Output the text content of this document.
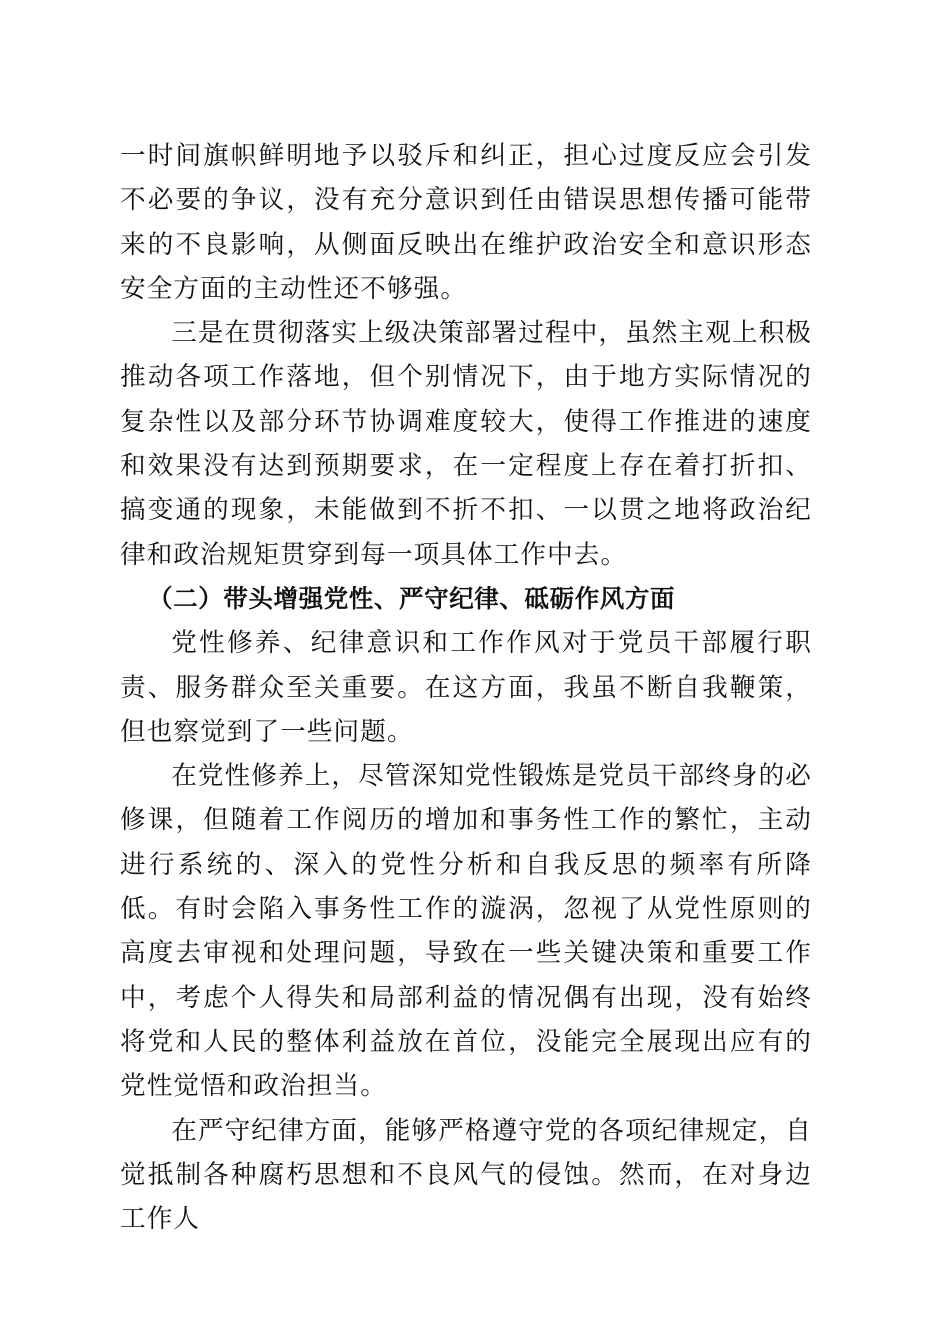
一时间旗帜鲜明地予以驳斥和纠正，担心过度反应会引发不必要的争议，没有充分意识到任由错误思想传播可能带来的不良影响，从侧面反映出在维护政治安全和意识形态安全方面的主动性还不够强。

三是在贯彻落实上级决策部署过程中，虽然主观上积极推动各项工作落地，但个别情况下，由于地方实际情况的复杂性以及部分环节协调难度较大，使得工作推进的速度和效果没有达到预期要求，在一定程度上存在着打折扣、搞变通的现象，未能做到不折不扣、一以贯之地将政治纪律和政治规矩贯穿到每一项具体工作中去。

（二）带头增强党性、严守纪律、砥砺作风方面

党性修养、纪律意识和工作作风对于党员干部履行职责、服务群众至关重要。在这方面，我虽不断自我鞭策，但也察觉到了一些问题。

在党性修养上，尽管深知党性锻炼是党员干部终身的必修课，但随着工作阅历的增加和事务性工作的繁忙，主动进行系统的、深入的党性分析和自我反思的频率有所降低。有时会陷入事务性工作的漩涡，忽视了从党性原则的高度去审视和处理问题，导致在一些关键决策和重要工作中，考虑个人得失和局部利益的情况偶有出现，没有始终将党和人民的整体利益放在首位，没能完全展现出应有的党性觉悟和政治担当。

在严守纪律方面，能够严格遵守党的各项纪律规定，自觉抵制各种腐朽思想和不良风气的侵蚀。然而，在对身边工作人
